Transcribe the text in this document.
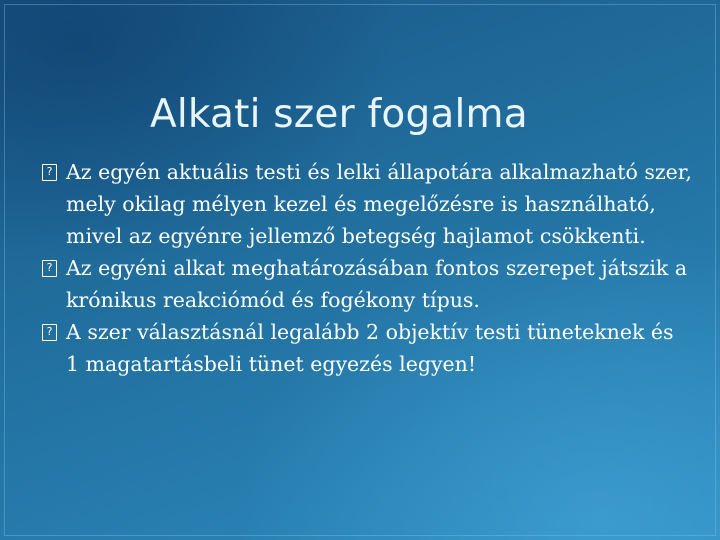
Alkati szer fogalma
?
Az egyén aktuális testi és lelki állapotára alkalmazható szer, mely okilag mélyen kezel és megelőzésre is használható, mivel az egyénre jellemző betegség hajlamot csökkenti.
?
Az egyéni alkat meghatározásában fontos szerepet játszik a krónikus reakciómód és fogékony típus.
?
A szer választásnál legalább 2 objektív testi tüneteknek és 1 magatartásbeli tünet egyezés legyen!
